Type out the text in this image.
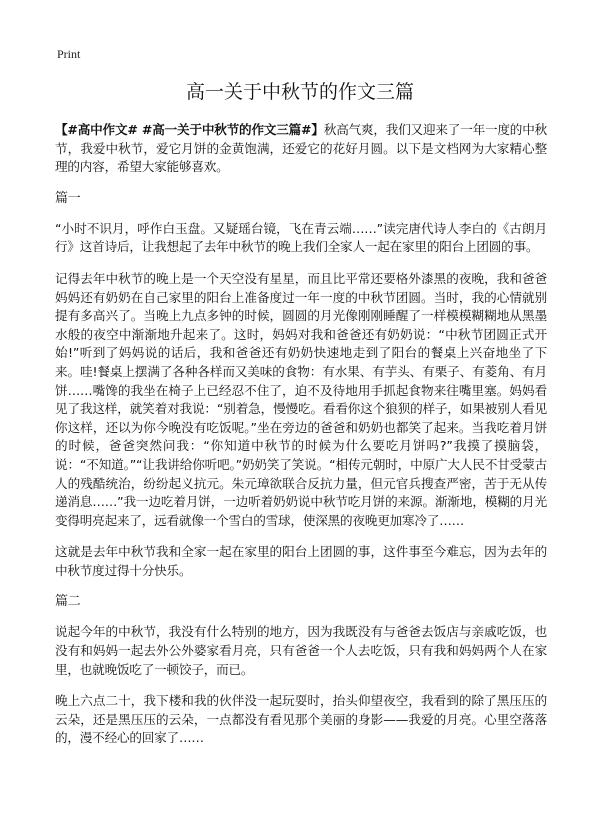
Print
高一关于中秋节的作文三篇

【#高中作文# #高一关于中秋节的作文三篇#】秋高气爽，我们又迎来了一年一度的中秋节，我爱中秋节，爱它月饼的金黄饱满，还爱它的花好月圆。以下是文档网为大家精心整理的内容，希望大家能够喜欢。

篇一

“小时不识月，呼作白玉盘。又疑瑶台镜，飞在青云端……”读完唐代诗人李白的《古朗月行》这首诗后，让我想起了去年中秋节的晚上我们全家人一起在家里的阳台上团圆的事。

记得去年中秋节的晚上是一个天空没有星星，而且比平常还要格外漆黑的夜晚，我和爸爸妈妈还有奶奶在自己家里的阳台上准备度过一年一度的中秋节团圆。当时，我的心情就别提有多高兴了。当晚上九点多钟的时候，圆圆的月光像刚刚睡醒了一样模模糊糊地从黑墨水般的夜空中渐渐地升起来了。这时，妈妈对我和爸爸还有奶奶说：“中秋节团圆正式开始!”听到了妈妈说的话后，我和爸爸还有奶奶快速地走到了阳台的餐桌上兴奋地坐了下来。哇!餐桌上摆满了各种各样而又美味的食物：有水果、有芋头、有栗子、有菱角、有月饼……嘴馋的我坐在椅子上已经忍不住了，迫不及待地用手抓起食物来往嘴里塞。妈妈看见了我这样，就笑着对我说：“别着急，慢慢吃。看看你这个狼狈的样子，如果被别人看见你这样，还以为你今晚没有吃饭呢。”坐在旁边的爸爸和奶奶也都笑了起来。当我吃着月饼的时候，爸爸突然问我：“你知道中秋节的时候为什么要吃月饼吗?”我摸了摸脑袋，说：“不知道。”“让我讲给你听吧。”奶奶笑了笑说。“相传元朝时，中原广大人民不甘受蒙古人的残酷统治，纷纷起义抗元。朱元璋欲联合反抗力量，但元官兵搜查严密，苦于无从传递消息……”我一边吃着月饼，一边听着奶奶说中秋节吃月饼的来源。渐渐地，模糊的月光变得明亮起来了，远看就像一个雪白的雪球，使深黑的夜晚更加寒冷了……

这就是去年中秋节我和全家一起在家里的阳台上团圆的事，这件事至今难忘，因为去年的中秋节度过得十分快乐。

篇二

说起今年的中秋节，我没有什么特别的地方，因为我既没有与爸爸去饭店与亲戚吃饭，也没有和妈妈一起去外公外婆家看月亮，只有爸爸一个人去吃饭，只有我和妈妈两个人在家里，也就晚饭吃了一顿饺子，而已。

晚上六点二十，我下楼和我的伙伴没一起玩耍时，抬头仰望夜空，我看到的除了黑压压的云朵，还是黑压压的云朵，一点都没有看见那个美丽的身影——我爱的月亮。心里空落落的，漫不经心的回家了……
